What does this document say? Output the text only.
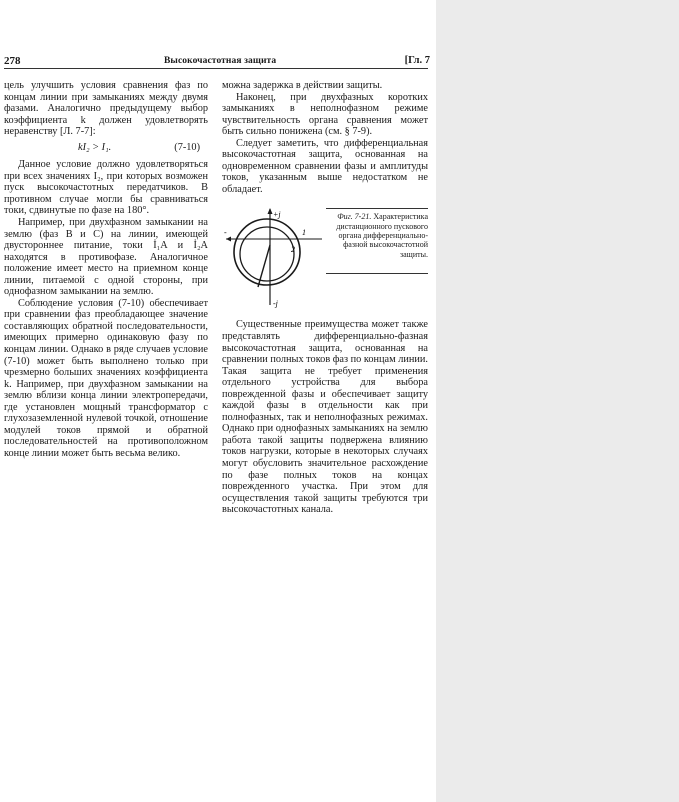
278	Высокочастотная защита	[Гл. 7

цель улучшить условия сравнения фаз по концам линии при замыканиях между двумя фазами. Аналогично предыдущему выбор коэффициента k должен удовлетворять неравенству [Л. 7-7]:

kI₂ > I₁.	(7-10)

Данное условие должно удовлетворяться при всех значениях I₂, при которых возможен пуск высокочастотных передатчиков. В противном случае могли бы сравниваться токи, сдвинутые по фазе на 180°.

Например, при двухфазном замыкании на землю (фаз B и C) на линии, имеющей двустороннее питание, токи İ₁A и İ₂A находятся в противофазе. Аналогичное положение имеет место на приемном конце линии, питаемой с одной стороны, при однофазном замыкании на землю.

Соблюдение условия (7-10) обеспечивает при сравнении фаз преобладающее значение составляющих обратной последовательности, имеющих примерно одинаковую фазу по концам линии. Однако в ряде случаев условие (7-10) может быть выполнено только при чрезмерно больших значениях коэффициента k. Например, при двухфазном замыкании на землю вблизи конца линии электропередачи, где установлен мощный трансформатор с глухозаземленной нулевой точкой, отношение модулей токов прямой и обратной последовательностей на противоположном конце линии может быть весьма велико.

можна задержка в действии защиты.

Наконец, при двухфазных коротких замыканиях в неполнофазном режиме чувствительность органа сравнения может быть сильно понижена (см. § 7-9).

Следует заметить, что дифференциальная высокочастотная защита, основанная на одновременном сравнении фазы и амплитуды токов, указанным выше недостатком не обладает.

+j
-j
-	1
2
Фиг. 7-21. Характеристика дистанционного пускового органа дифференциально-фазной высокочастотной защиты.

Существенные преимущества может также представлять дифференциально-фазная высокочастотная защита, основанная на сравнении полных токов фаз по концам линии. Такая защита не требует применения отдельного устройства для выбора поврежденной фазы и обеспечивает защиту каждой фазы в отдельности как при полнофазных, так и неполнофазных режимах. Однако при однофазных замыканиях на землю работа такой защиты подвержена влиянию токов нагрузки, которые в некоторых случаях могут обусловить значительное расхождение по фазе полных токов на концах поврежденного участка. При этом для осуществления такой защиты требуются три высокочастотных канала.
